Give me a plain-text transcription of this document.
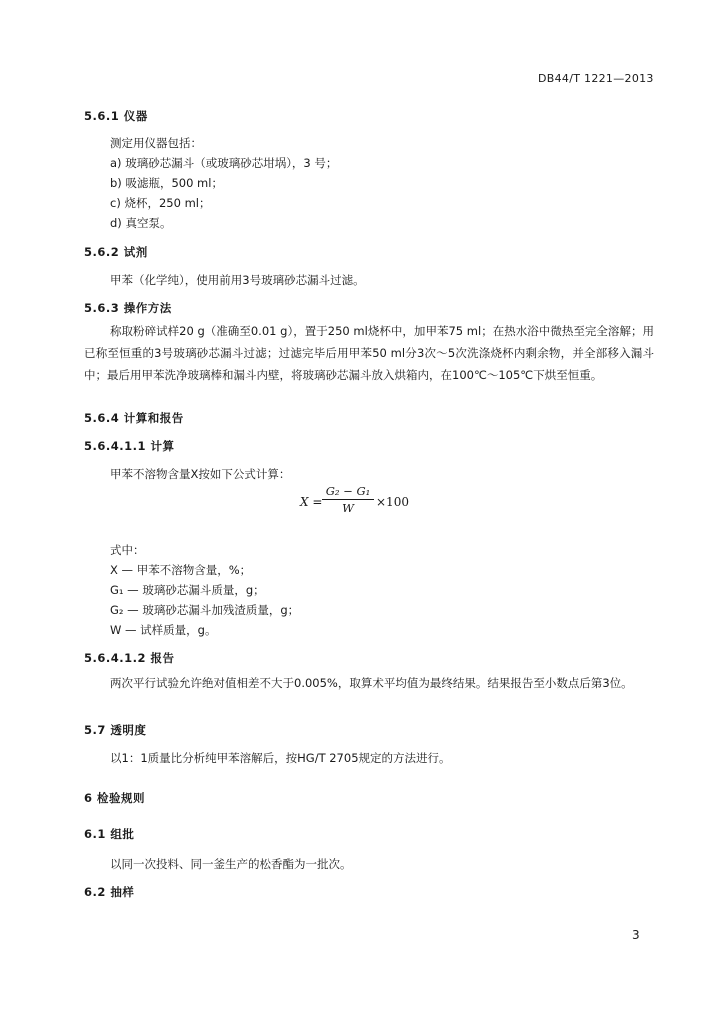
DB44/T 1221—2013
5.6.1 仪器
测定用仪器包括：
a) 玻璃砂芯漏斗（或玻璃砂芯坩埚），3 号；
b) 吸滤瓶，500 ml；
c) 烧杯，250 ml；
d) 真空泵。
5.6.2 试剂
甲苯（化学纯），使用前用3号玻璃砂芯漏斗过滤。
5.6.3 操作方法
称取粉碎试样20 g（准确至0.01 g），置于250 ml烧杯中，加甲苯75 ml；在热水浴中微热至完全溶解；用已称至恒重的3号玻璃砂芯漏斗过滤；过滤完毕后用甲苯50 ml分3次～5次洗涤烧杯内剩余物，并全部移入漏斗中；最后用甲苯洗净玻璃棒和漏斗内壁，将玻璃砂芯漏斗放入烘箱内，在100℃～105℃下烘至恒重。
5.6.4 计算和报告
5.6.4.1.1 计算
甲苯不溶物含量X按如下公式计算：
$X = \frac{\text{G₂ − G₁}}{W} \times 100$
式中：
X — 甲苯不溶物含量，%；
G₁ — 玻璃砂芯漏斗质量，g；
G₂ — 玻璃砂芯漏斗加残渣质量，g；
W — 试样质量，g。
5.6.4.1.2 报告
两次平行试验允许绝对值相差不大于0.005%，取算术平均值为最终结果。结果报告至小数点后第3位。
5.7 透明度
以1：1质量比分析纯甲苯溶解后，按HG/T 2705规定的方法进行。
6 检验规则
6.1 组批
以同一次投料、同一釜生产的松香酯为一批次。
6.2 抽样
3
